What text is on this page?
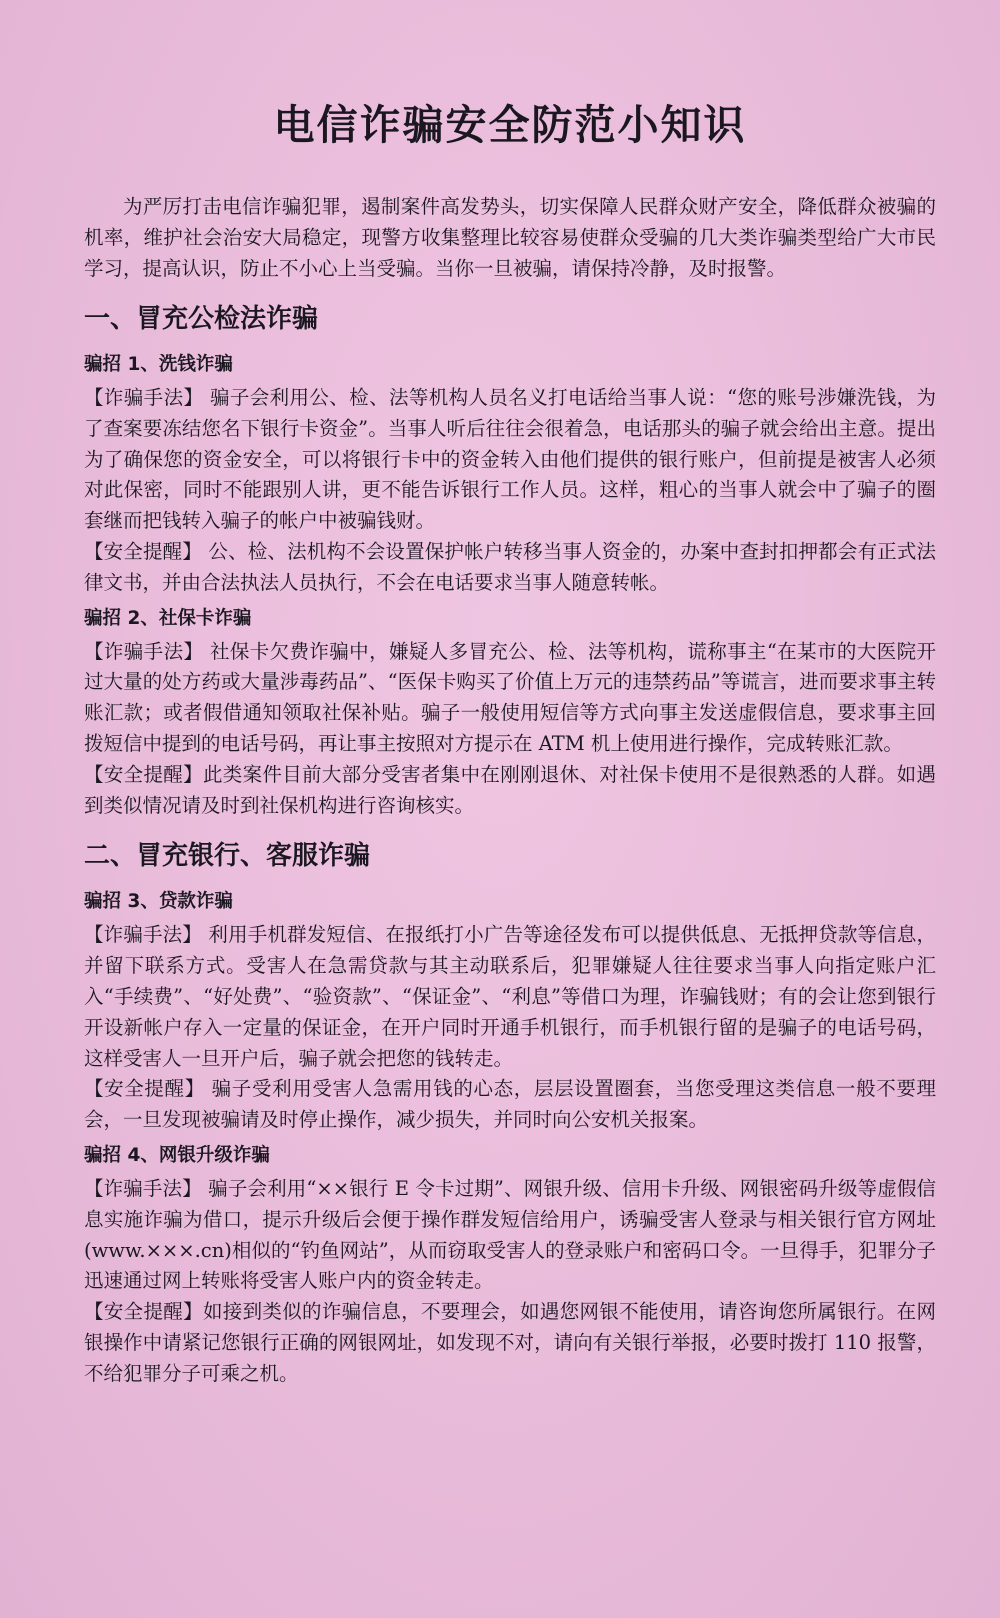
电信诈骗安全防范小知识

为严厉打击电信诈骗犯罪，遏制案件高发势头，切实保障人民群众财产安全，降低群众被骗的机率，维护社会治安大局稳定，现警方收集整理比较容易使群众受骗的几大类诈骗类型给广大市民学习，提高认识，防止不小心上当受骗。当你一旦被骗，请保持冷静，及时报警。

一、冒充公检法诈骗
骗招 1、洗钱诈骗

【诈骗手法】 骗子会利用公、检、法等机构人员名义打电话给当事人说：“您的账号涉嫌洗钱，为了查案要冻结您名下银行卡资金”。当事人听后往往会很着急，电话那头的骗子就会给出主意。提出为了确保您的资金安全，可以将银行卡中的资金转入由他们提供的银行账户，但前提是被害人必须对此保密，同时不能跟别人讲，更不能告诉银行工作人员。这样，粗心的当事人就会中了骗子的圈套继而把钱转入骗子的帐户中被骗钱财。

【安全提醒】 公、检、法机构不会设置保护帐户转移当事人资金的，办案中查封扣押都会有正式法律文书，并由合法执法人员执行，不会在电话要求当事人随意转帐。

骗招 2、社保卡诈骗

【诈骗手法】 社保卡欠费诈骗中，嫌疑人多冒充公、检、法等机构，谎称事主“在某市的大医院开过大量的处方药或大量涉毒药品”、“医保卡购买了价值上万元的违禁药品”等谎言，进而要求事主转账汇款；或者假借通知领取社保补贴。骗子一般使用短信等方式向事主发送虚假信息，要求事主回拨短信中提到的电话号码，再让事主按照对方提示在 ATM 机上使用进行操作，完成转账汇款。

【安全提醒】此类案件目前大部分受害者集中在刚刚退休、对社保卡使用不是很熟悉的人群。如遇到类似情况请及时到社保机构进行咨询核实。

二、冒充银行、客服诈骗
骗招 3、贷款诈骗

【诈骗手法】 利用手机群发短信、在报纸打小广告等途径发布可以提供低息、无抵押贷款等信息，并留下联系方式。受害人在急需贷款与其主动联系后，犯罪嫌疑人往往要求当事人向指定账户汇入“手续费”、“好处费”、“验资款”、“保证金”、“利息”等借口为理，诈骗钱财；有的会让您到银行开设新帐户存入一定量的保证金，在开户同时开通手机银行，而手机银行留的是骗子的电话号码，这样受害人一旦开户后，骗子就会把您的钱转走。

【安全提醒】 骗子受利用受害人急需用钱的心态，层层设置圈套，当您受理这类信息一般不要理会，一旦发现被骗请及时停止操作，减少损失，并同时向公安机关报案。

骗招 4、网银升级诈骗

【诈骗手法】 骗子会利用“××银行 E 令卡过期”、网银升级、信用卡升级、网银密码升级等虚假信息实施诈骗为借口，提示升级后会便于操作群发短信给用户，诱骗受害人登录与相关银行官方网址(www.×××.cn)相似的“钓鱼网站”，从而窃取受害人的登录账户和密码口令。一旦得手，犯罪分子迅速通过网上转账将受害人账户内的资金转走。

【安全提醒】如接到类似的诈骗信息，不要理会，如遇您网银不能使用，请咨询您所属银行。在网银操作中请紧记您银行正确的网银网址，如发现不对，请向有关银行举报，必要时拨打 110 报警，不给犯罪分子可乘之机。
